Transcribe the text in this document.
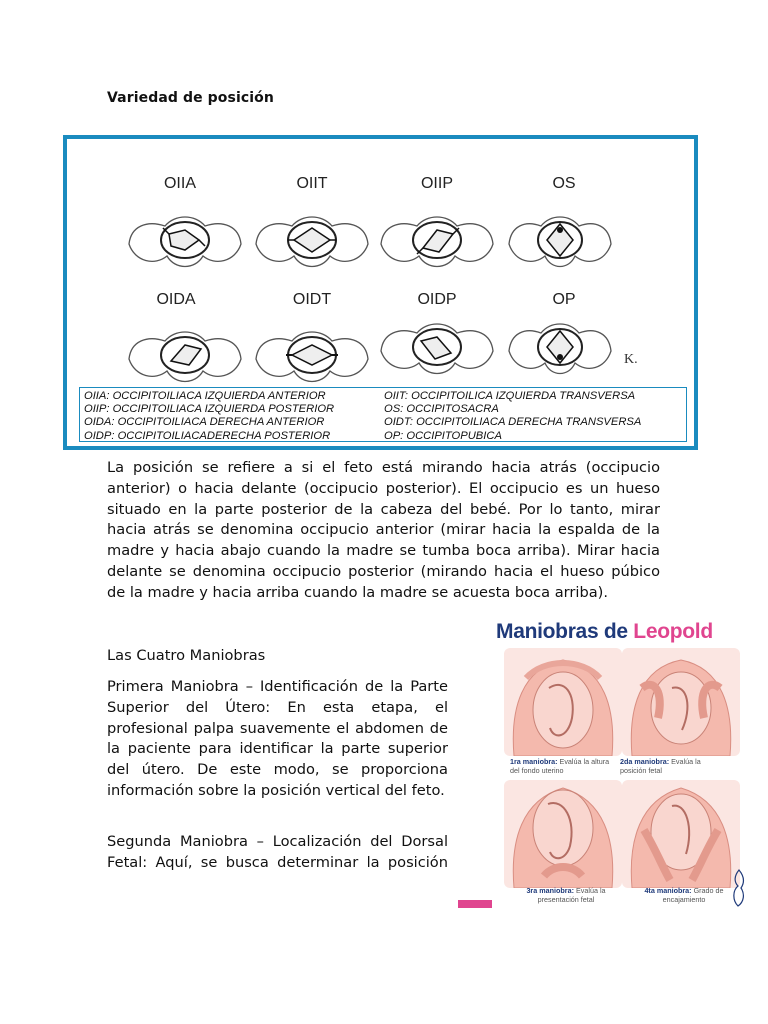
Variedad de posición
OIIA	OIIT	OIIP	OS
OIDA	OIDT	OIDP	OP
K.
OIIA: OCCIPITOILIACA IZQUIERDA ANTERIOR
OIIP: OCCIPITOILIACA IZQUIERDA POSTERIOR
OIDA: OCCIPITOILIACA DERECHA ANTERIOR
OIDP: OCCIPITOILIACADERECHA POSTERIOR
OIIT: OCCIPITOILICA IZQUIERDA TRANSVERSA
OS: OCCIPITOSACRA
OIDT: OCCIPITOILIACA DERECHA TRANSVERSA
OP: OCCIPITOPUBICA
La posición se refiere a si el feto está mirando hacia atrás (occipucio anterior) o hacia delante (occipucio posterior). El occipucio es un hueso situado en la parte posterior de la cabeza del bebé. Por lo tanto, mirar hacia atrás se denomina occipucio anterior (mirar hacia la espalda de la madre y hacia abajo cuando la madre se tumba boca arriba). Mirar hacia delante se denomina occipucio posterior (mirando hacia el hueso púbico de la madre y hacia arriba cuando la madre se acuesta boca arriba).
Las Cuatro Maniobras
Primera Maniobra – Identificación de la Parte Superior del Útero: En esta etapa, el profesional palpa suavemente el abdomen de la paciente para identificar la parte superior del útero. De este modo, se proporciona información sobre la posición vertical del feto.
Segunda Maniobra – Localización del Dorsal Fetal: Aquí, se busca determinar la posición
Maniobras de Leopold
1ra maniobra: Evalúa la altura del fondo uterino
2da maniobra: Evalúa la posición fetal
3ra maniobra: Evalúa la presentación fetal
4ta maniobra: Grado de encajamiento
